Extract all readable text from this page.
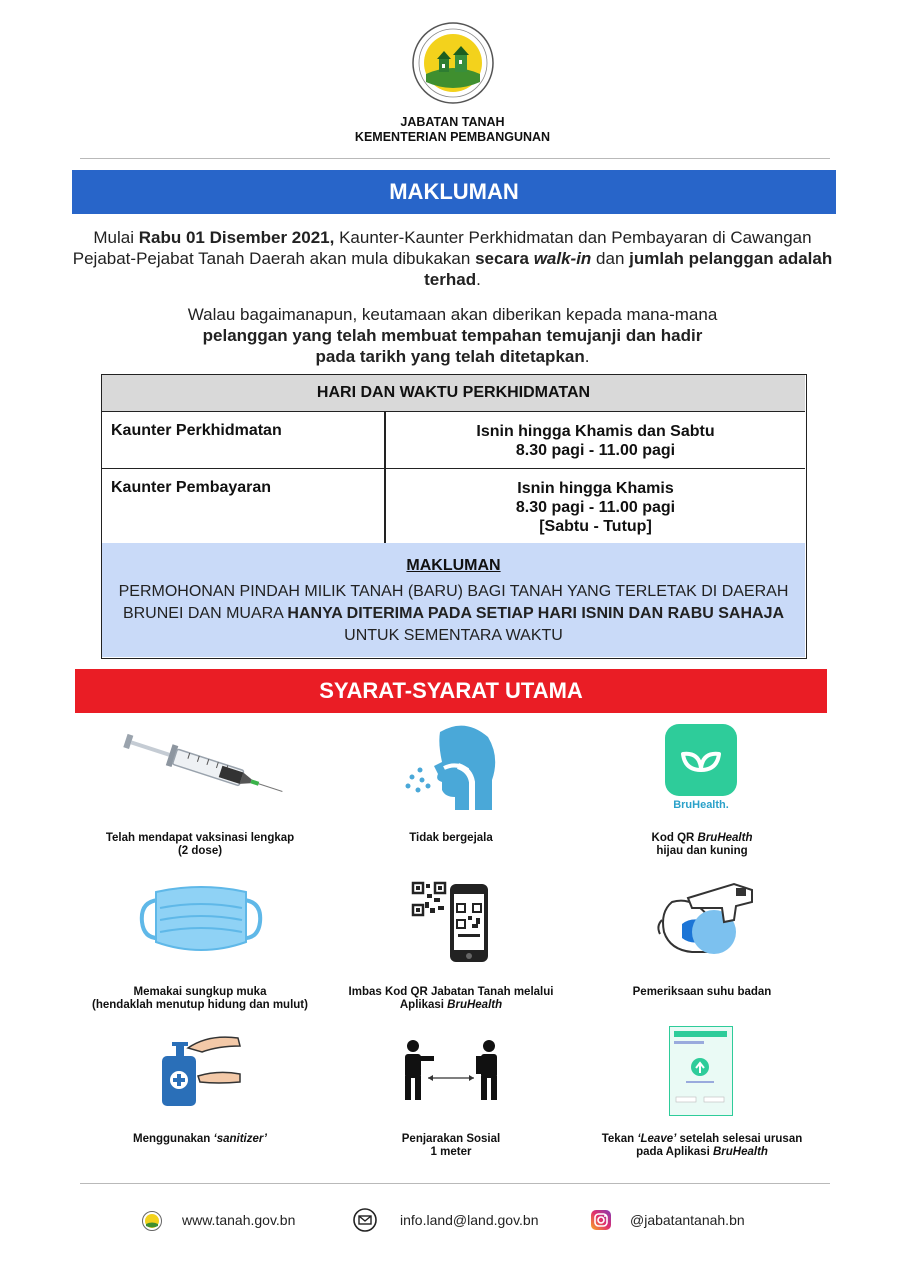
JABATAN TANAH
KEMENTERIAN PEMBANGUNAN
MAKLUMAN
Mulai Rabu 01 Disember 2021, Kaunter-Kaunter Perkhidmatan dan Pembayaran di Cawangan Pejabat-Pejabat Tanah Daerah akan mula dibukakan secara walk-in dan jumlah pelanggan adalah terhad.
Walau bagaimanapun, keutamaan akan diberikan kepada mana-mana
pelanggan yang telah membuat tempahan temujanji dan hadir
pada tarikh yang telah ditetapkan.
HARI DAN WAKTU PERKHIDMATAN
Kaunter Perkhidmatan	Isnin hingga Khamis dan Sabtu
8.30 pagi - 11.00 pagi
Kaunter Pembayaran	Isnin hingga Khamis
8.30 pagi - 11.00 pagi
[Sabtu - Tutup]
MAKLUMAN
PERMOHONAN PINDAH MILIK TANAH (BARU) BAGI TANAH YANG TERLETAK DI DAERAH BRUNEI DAN MUARA HANYA DITERIMA PADA SETIAP HARI ISNIN DAN RABU SAHAJA UNTUK SEMENTARA WAKTU
SYARAT-SYARAT UTAMA
BruHealth.
Telah mendapat vaksinasi lengkap
(2 dose)
Tidak bergejala	Kod QR BruHealth
hijau dan kuning
Memakai sungkup muka
(hendaklah menutup hidung dan mulut)
Imbas Kod QR Jabatan Tanah melalui
Aplikasi BruHealth
Pemeriksaan suhu badan
Menggunakan ‘sanitizer’	Penjarakan Sosial
1 meter
Tekan ‘Leave’ setelah selesai urusan
pada Aplikasi BruHealth
www.tanah.gov.bn	info.land@land.gov.bn	@jabatantanah.bn
